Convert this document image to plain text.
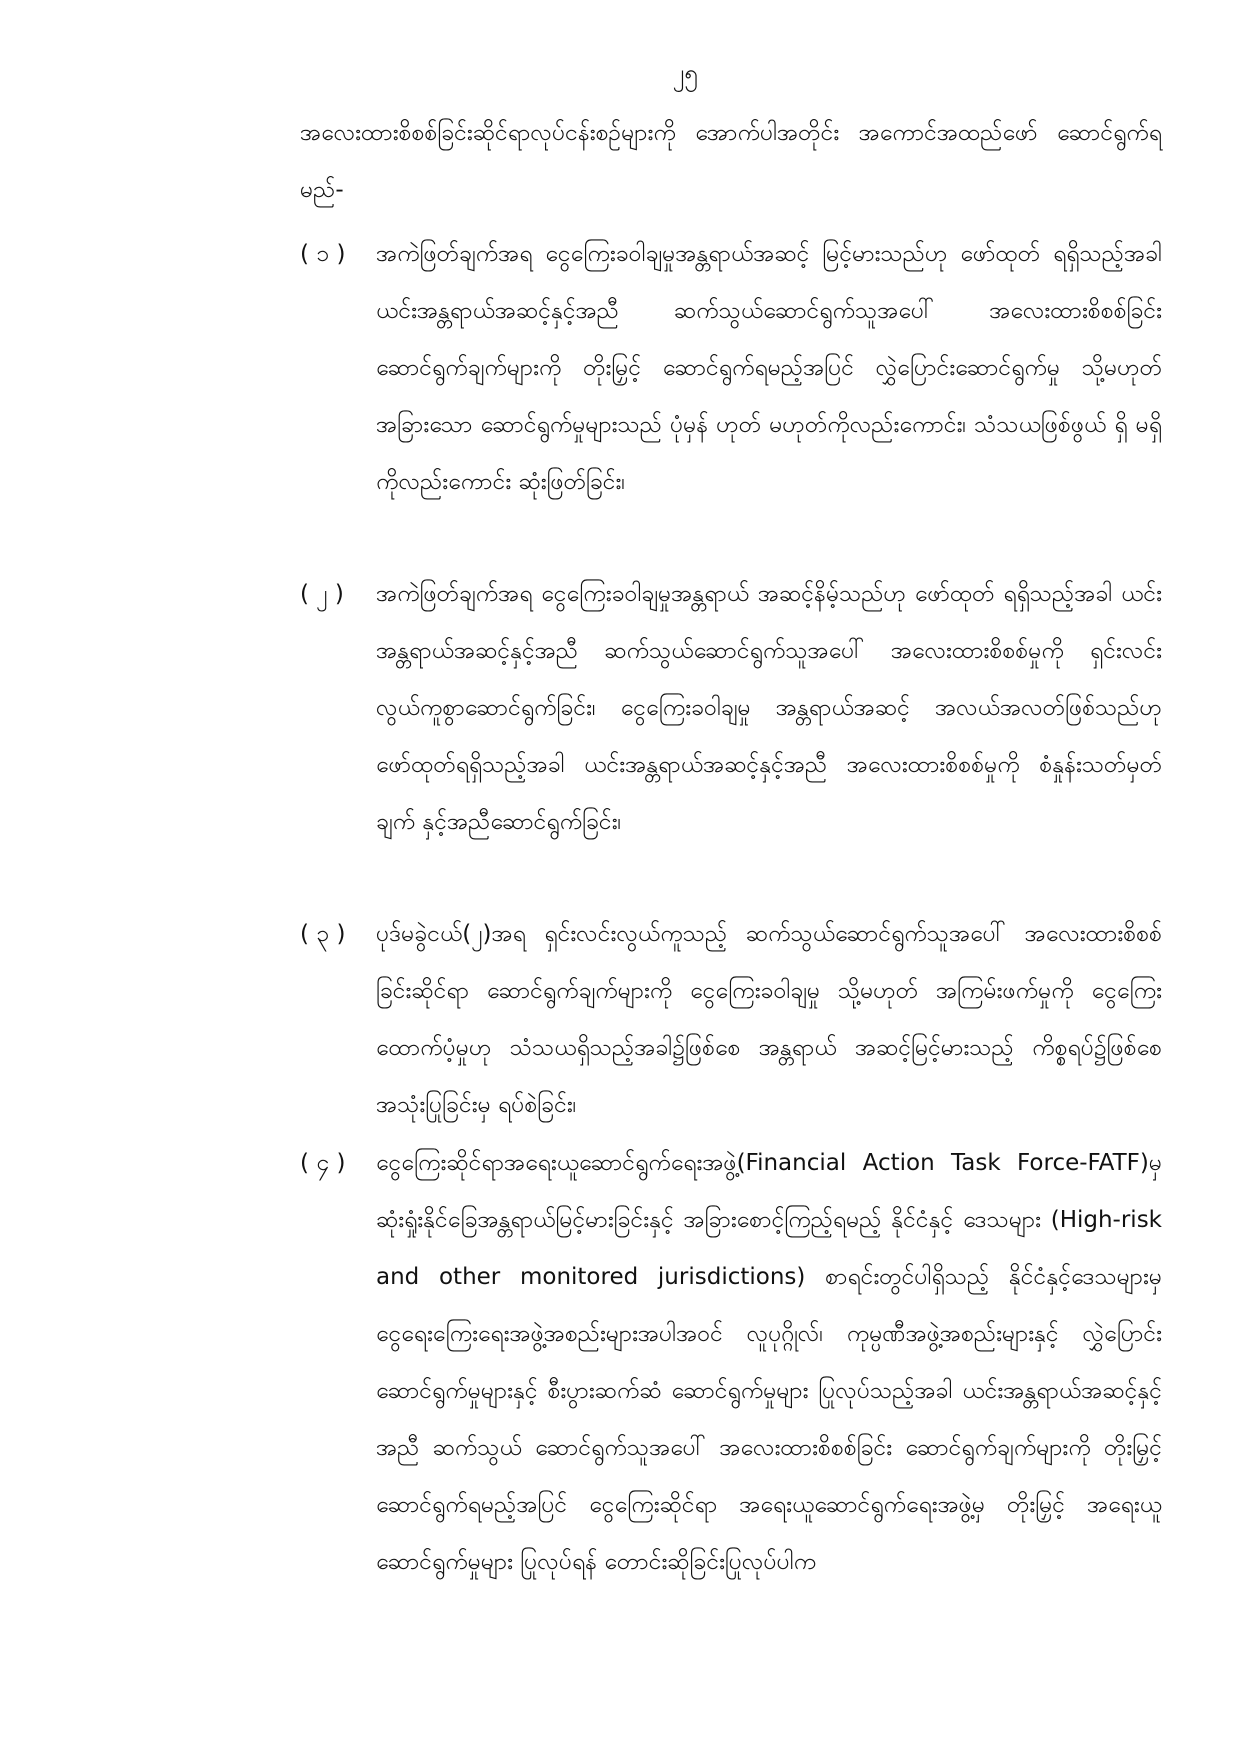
၂၅
အလေးထားစိစစ်ခြင်းဆိုင်ရာလုပ်ငန်းစဉ်များကို အောက်ပါအတိုင်း အကောင်အထည်ဖော် ဆောင်ရွက်ရမည်-
( ၁ )	အကဲဖြတ်ချက်အရ ငွေကြေးခဝါချမှုအန္တရာယ်အဆင့် မြင့်မားသည်ဟု ဖော်ထုတ် ရရှိသည့်အခါ ယင်းအန္တရာယ်အဆင့်နှင့်အညီ ဆက်သွယ်ဆောင်ရွက်သူအပေါ် အလေးထားစိစစ်ခြင်း ဆောင်ရွက်ချက်များကို တိုးမြှင့် ဆောင်ရွက်ရမည့်အပြင် လွှဲပြောင်းဆောင်ရွက်မှု သို့မဟုတ် အခြားသော ဆောင်ရွက်မှုများသည် ပုံမှန် ဟုတ် မဟုတ်ကိုလည်းကောင်း၊ သံသယဖြစ်ဖွယ် ရှိ မရှိကိုလည်းကောင်း ဆုံးဖြတ်ခြင်း၊
( ၂ )	အကဲဖြတ်ချက်အရ ငွေကြေးခဝါချမှုအန္တရာယ် အဆင့်နိမ့်သည်ဟု ဖော်ထုတ် ရရှိသည့်အခါ ယင်းအန္တရာယ်အဆင့်နှင့်အညီ ဆက်သွယ်ဆောင်ရွက်သူအပေါ် အလေးထားစိစစ်မှုကို ရှင်းလင်းလွယ်ကူစွာဆောင်ရွက်ခြင်း၊ ငွေကြေးခဝါချမှု အန္တရာယ်အဆင့် အလယ်အလတ်ဖြစ်သည်ဟု ဖော်ထုတ်ရရှိသည့်အခါ ယင်းအန္တရာယ်အဆင့်နှင့်အညီ အလေးထားစိစစ်မှုကို စံနှုန်းသတ်မှတ်ချက် နှင့်အညီဆောင်ရွက်ခြင်း၊
( ၃ )	ပုဒ်မခွဲငယ်(၂)အရ ရှင်းလင်းလွယ်ကူသည့် ဆက်သွယ်ဆောင်ရွက်သူအပေါ် အလေးထားစိစစ်ခြင်းဆိုင်ရာ ဆောင်ရွက်ချက်များကို ငွေကြေးခဝါချမှု သို့မဟုတ် အကြမ်းဖက်မှုကို ငွေကြေးထောက်ပံ့မှုဟု သံသယရှိသည့်အခါ၌ဖြစ်စေ အန္တရာယ် အဆင့်မြင့်မားသည့် ကိစ္စရပ်၌ဖြစ်စေ အသုံးပြုခြင်းမှ ရပ်စဲခြင်း၊
( ၄ )	ငွေကြေးဆိုင်ရာအရေးယူဆောင်ရွက်ရေးအဖွဲ့(Financial Action Task Force-FATF)မှ ဆုံးရှုံးနိုင်ခြေအန္တရာယ်မြင့်မားခြင်းနှင့် အခြားစောင့်ကြည့်ရမည့် နိုင်ငံနှင့် ဒေသများ (High-risk and other monitored jurisdictions) စာရင်းတွင်ပါရှိသည့် နိုင်ငံနှင့်ဒေသများမှ ငွေရေးကြေးရေးအဖွဲ့အစည်းများအပါအဝင် လူပုဂ္ဂိုလ်၊ ကုမ္ပဏီအဖွဲ့အစည်းများနှင့် လွှဲပြောင်းဆောင်ရွက်မှုများနှင့် စီးပွားဆက်ဆံ ဆောင်ရွက်မှုများ ပြုလုပ်သည့်အခါ ယင်းအန္တရာယ်အဆင့်နှင့်အညီ ဆက်သွယ် ဆောင်ရွက်သူအပေါ် အလေးထားစိစစ်ခြင်း ဆောင်ရွက်ချက်များကို တိုးမြှင့် ဆောင်ရွက်ရမည့်အပြင် ငွေကြေးဆိုင်ရာ အရေးယူဆောင်ရွက်ရေးအဖွဲ့မှ တိုးမြှင့် အရေးယူဆောင်ရွက်မှုများ ပြုလုပ်ရန် တောင်းဆိုခြင်းပြုလုပ်ပါက
